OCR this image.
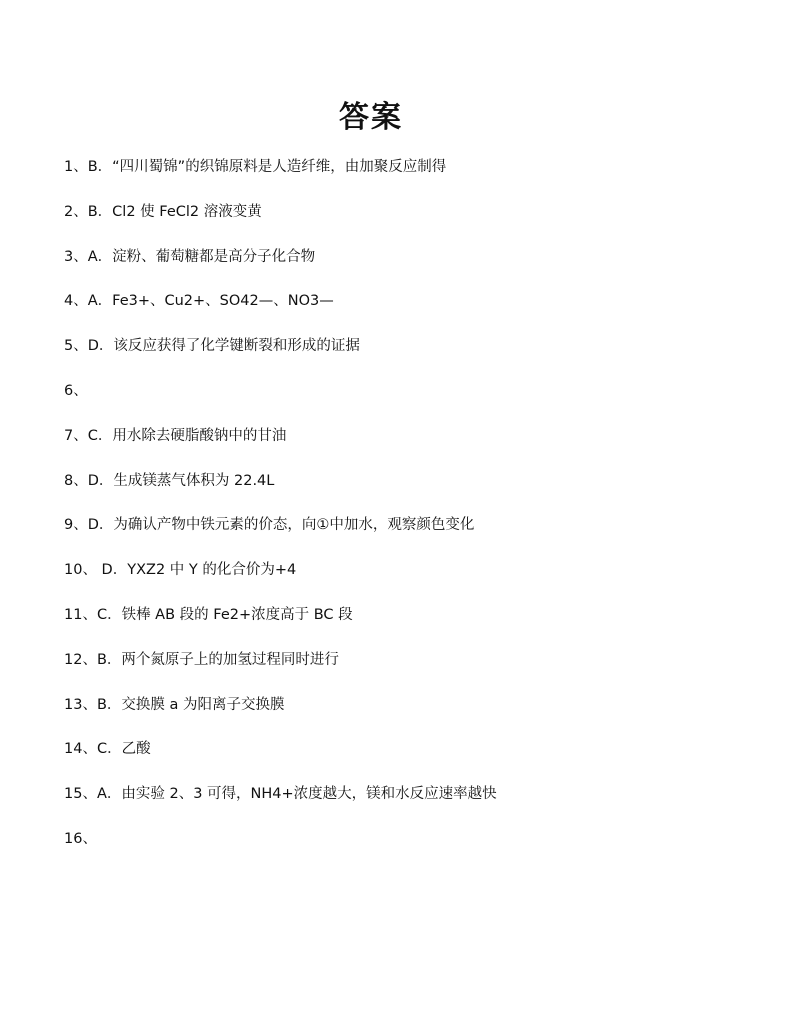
答案
1、B．“四川蜀锦”的织锦原料是人造纤维，由加聚反应制得
2、B．Cl2 使 FeCl2 溶液变黄
3、A．淀粉、葡萄糖都是高分子化合物
4、A．Fe3+、Cu2+、SO42—、NO3—
5、D．该反应获得了化学键断裂和形成的证据
6、
7、C．用水除去硬脂酸钠中的甘油
8、D．生成镁蒸气体积为 22.4L
9、D．为确认产物中铁元素的价态，向①中加水，观察颜色变化
10、 D．YXZ2 中 Y 的化合价为+4
11、C．铁棒 AB 段的 Fe2+浓度高于 BC 段
12、B．两个氮原子上的加氢过程同时进行
13、B．交换膜 a 为阳离子交换膜
14、C．乙酸
15、A．由实验 2、3 可得，NH4+浓度越大，镁和水反应速率越快
16、
